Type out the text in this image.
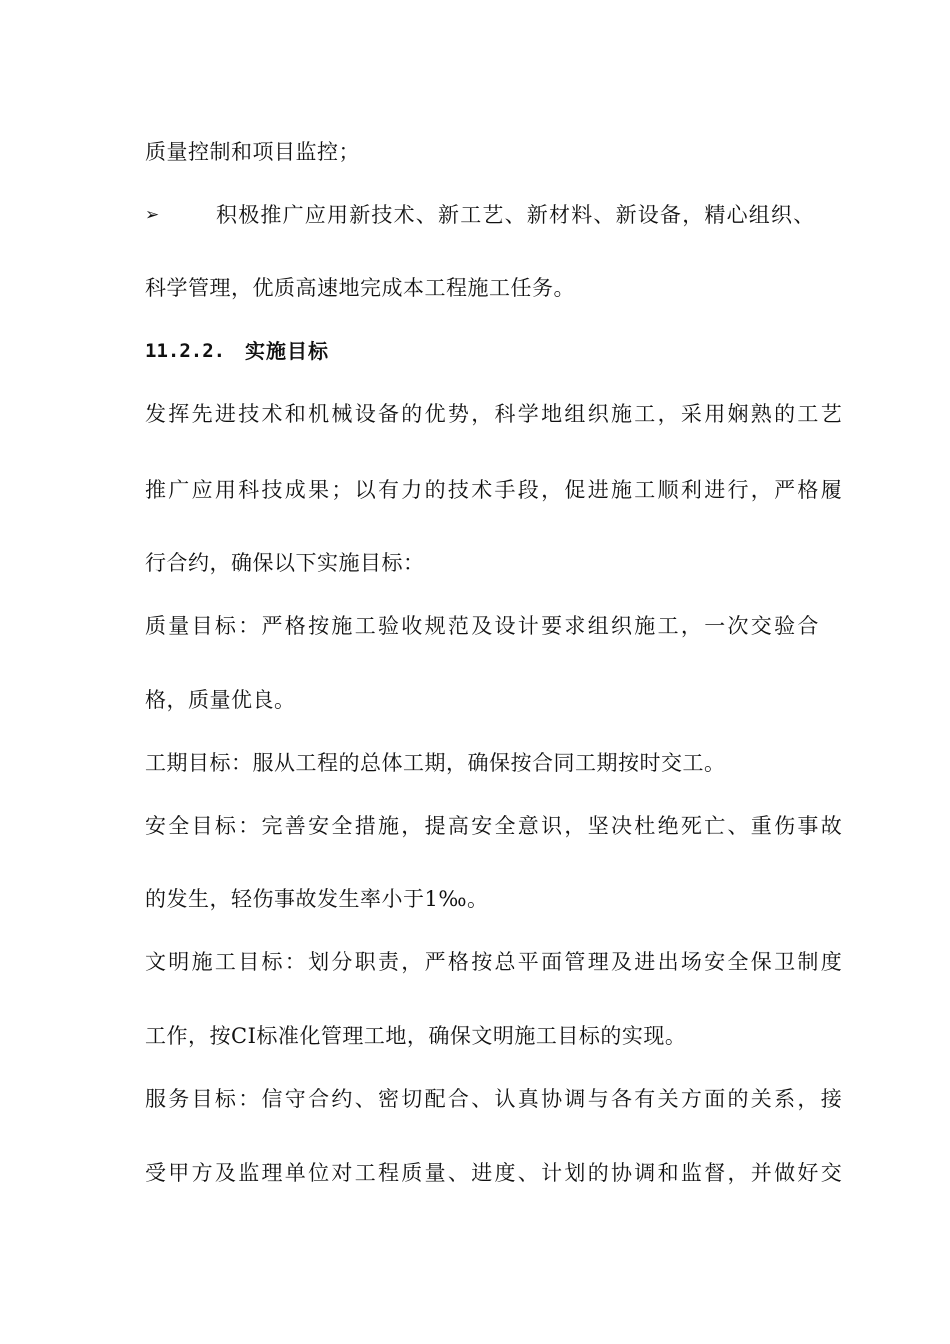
质量控制和项目监控；
➢	积极推广应用新技术、新工艺、新材料、新设备，精心组织、
科学管理，优质高速地完成本工程施工任务。
11.2.2. 实施目标
发挥先进技术和机械设备的优势，科学地组织施工，采用娴熟的工艺
推广应用科技成果；以有力的技术手段，促进施工顺利进行，严格履
行合约，确保以下实施目标：
质量目标：严格按施工验收规范及设计要求组织施工，一次交验合
格，质量优良。
工期目标：服从工程的总体工期，确保按合同工期按时交工。
安全目标：完善安全措施，提高安全意识，坚决杜绝死亡、重伤事故
的发生，轻伤事故发生率小于1‰。
文明施工目标：划分职责，严格按总平面管理及进出场安全保卫制度
工作，按CI标准化管理工地，确保文明施工目标的实现。
服务目标：信守合约、密切配合、认真协调与各有关方面的关系，接
受甲方及监理单位对工程质量、进度、计划的协调和监督，并做好交
